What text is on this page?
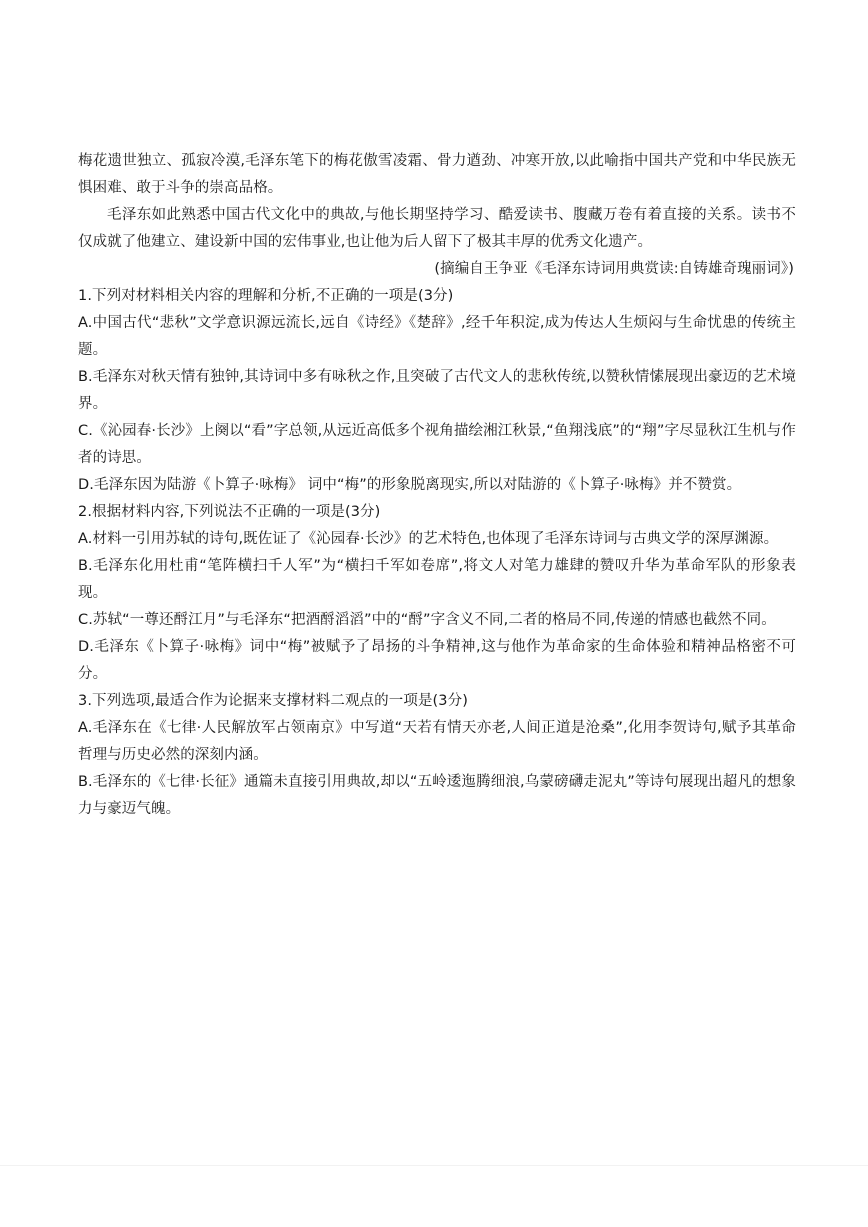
梅花遗世独立、孤寂冷漠,毛泽东笔下的梅花傲雪凌霜、骨力遒劲、冲寒开放,以此喻指中国共产党和中华民族无惧困难、敢于斗争的崇高品格。

毛泽东如此熟悉中国古代文化中的典故,与他长期坚持学习、酷爱读书、腹藏万卷有着直接的关系。读书不仅成就了他建立、建设新中国的宏伟事业,也让他为后人留下了极其丰厚的优秀文化遗产。

(摘编自王争亚《毛泽东诗词用典赏读:自铸雄奇瑰丽词》)

1.下列对材料相关内容的理解和分析,不正确的一项是(3分)

A.中国古代“悲秋”文学意识源远流长,远自《诗经》《楚辞》,经千年积淀,成为传达人生烦闷与生命忧患的传统主题。

B.毛泽东对秋天情有独钟,其诗词中多有咏秋之作,且突破了古代文人的悲秋传统,以赞秋情愫展现出豪迈的艺术境界。

C.《沁园春·长沙》上阕以“看”字总领,从远近高低多个视角描绘湘江秋景,“鱼翔浅底”的“翔”字尽显秋江生机与作者的诗思。

D.毛泽东因为陆游《卜算子·咏梅》 词中“梅”的形象脱离现实,所以对陆游的《卜算子·咏梅》并不赞赏。

2.根据材料内容,下列说法不正确的一项是(3分)

A.材料一引用苏轼的诗句,既佐证了《沁园春·长沙》的艺术特色,也体现了毛泽东诗词与古典文学的深厚渊源。

B.毛泽东化用杜甫“笔阵横扫千人军”为“横扫千军如卷席”,将文人对笔力雄肆的赞叹升华为革命军队的形象表现。

C.苏轼“一尊还酹江月”与毛泽东“把酒酹滔滔”中的“酹”字含义不同,二者的格局不同,传递的情感也截然不同。

D.毛泽东《卜算子·咏梅》词中“梅”被赋予了昂扬的斗争精神,这与他作为革命家的生命体验和精神品格密不可分。

3.下列选项,最适合作为论据来支撑材料二观点的一项是(3分)

A.毛泽东在《七律·人民解放军占领南京》中写道“天若有情天亦老,人间正道是沧桑”,化用李贺诗句,赋予其革命哲理与历史必然的深刻内涵。

B.毛泽东的《七律·长征》通篇未直接引用典故,却以“五岭逶迤腾细浪,乌蒙磅礴走泥丸”等诗句展现出超凡的想象力与豪迈气魄。
